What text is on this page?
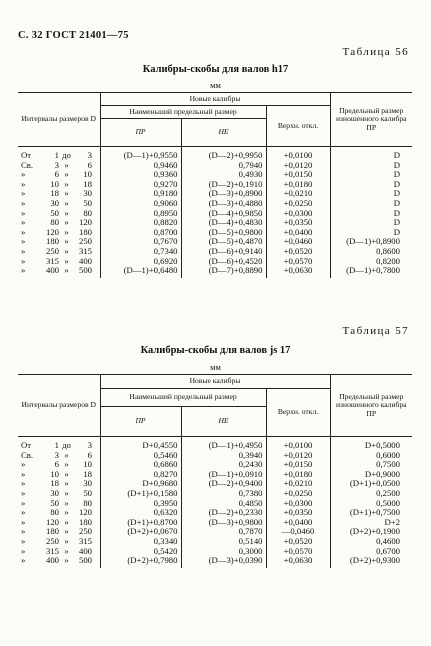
С. 32 ГОСТ 21401—75
Таблица 56
Калибры-скобы для валов h17
мм
Интервалы размеров D	Новые калибры			Предельный размер изношенного калибра ПР
	Наименьший предельный размер		Верхн. откл.	
	ПР	НЕ		
От 1 до 3	(D—1)+0,9550	(D—2)+0,9950	+0,0100	D
Св. 3 » 6	0,9460	0,7940	+0,0120	D
» 6 » 10	0,9360	0,4930	+0,0150	D
» 10 » 18	0,9270	(D—2)+0,1910	+0,0180	D
» 18 » 30	0,9180	(D—3)+0,8900	+0,0210	D
» 30 » 50	0,9060	(D—3)+0,4880	+0,0250	D
» 50 » 80	0,8950	(D—4)+0,9850	+0,0300	D
» 80 » 120	0,8820	(D—4)+0,4830	+0,0350	D
» 120 » 180	0,8700	(D—5)+0,9800	+0,0400	D
» 180 » 250	0,7670	(D—5)+0,4870	+0,0460	(D—1)+0,8900
» 250 » 315	0,7340	(D—6)+0,9140	+0,0520	0,8600
» 315 » 400	0,6920	(D—6)+0,4520	+0,0570	0,8200
» 400 » 500	(D—1)+0,6480	(D—7)+0,8890	+0,0630	(D—1)+0,7800
Таблица 57
Калибры-скобы для валов js 17
мм
Интервалы размеров D	Новые калибры			Предельный размер изношенного калибра ПР
	Наименьший предельный размер		Верхн. откл.	
	ПР	НЕ		
От 1 до 3	D+0,4550	(D—1)+0,4950	+0,0100	D+0,5000
Св. 3 » 6	0,5460	0,3940	+0,0120	0,6000
» 6 » 10	0,6860	0,2430	+0,0150	0,7500
» 10 » 18	0,8270	(D—1)+0,0910	+0,0180	D+0,9000
» 18 » 30	D+0,9680	(D—2)+0,9400	+0,0210	(D+1)+0,0500
» 30 » 50	(D+1)+0,1580	0,7380	+0,0250	0,2500
» 50 » 80	0,3950	0,4850	+0,0300	0,5000
» 80 » 120	0,6320	(D—2)+0,2330	+0,0350	(D+1)+0,7500
» 120 » 180	(D+1)+0,8700	(D—3)+0,9800	+0,0400	D+2
» 180 » 250	(D+2)+0,0670	0,7870	—0,0460	(D+2)+0,1900
» 250 » 315	0,3340	0,5140	+0,0520	0,4600
» 315 » 400	0,5420	0,3000	+0,0570	0,6700
» 400 » 500	(D+2)+0,7980	(D—3)+0,0390	+0,0630	(D+2)+0,9300
